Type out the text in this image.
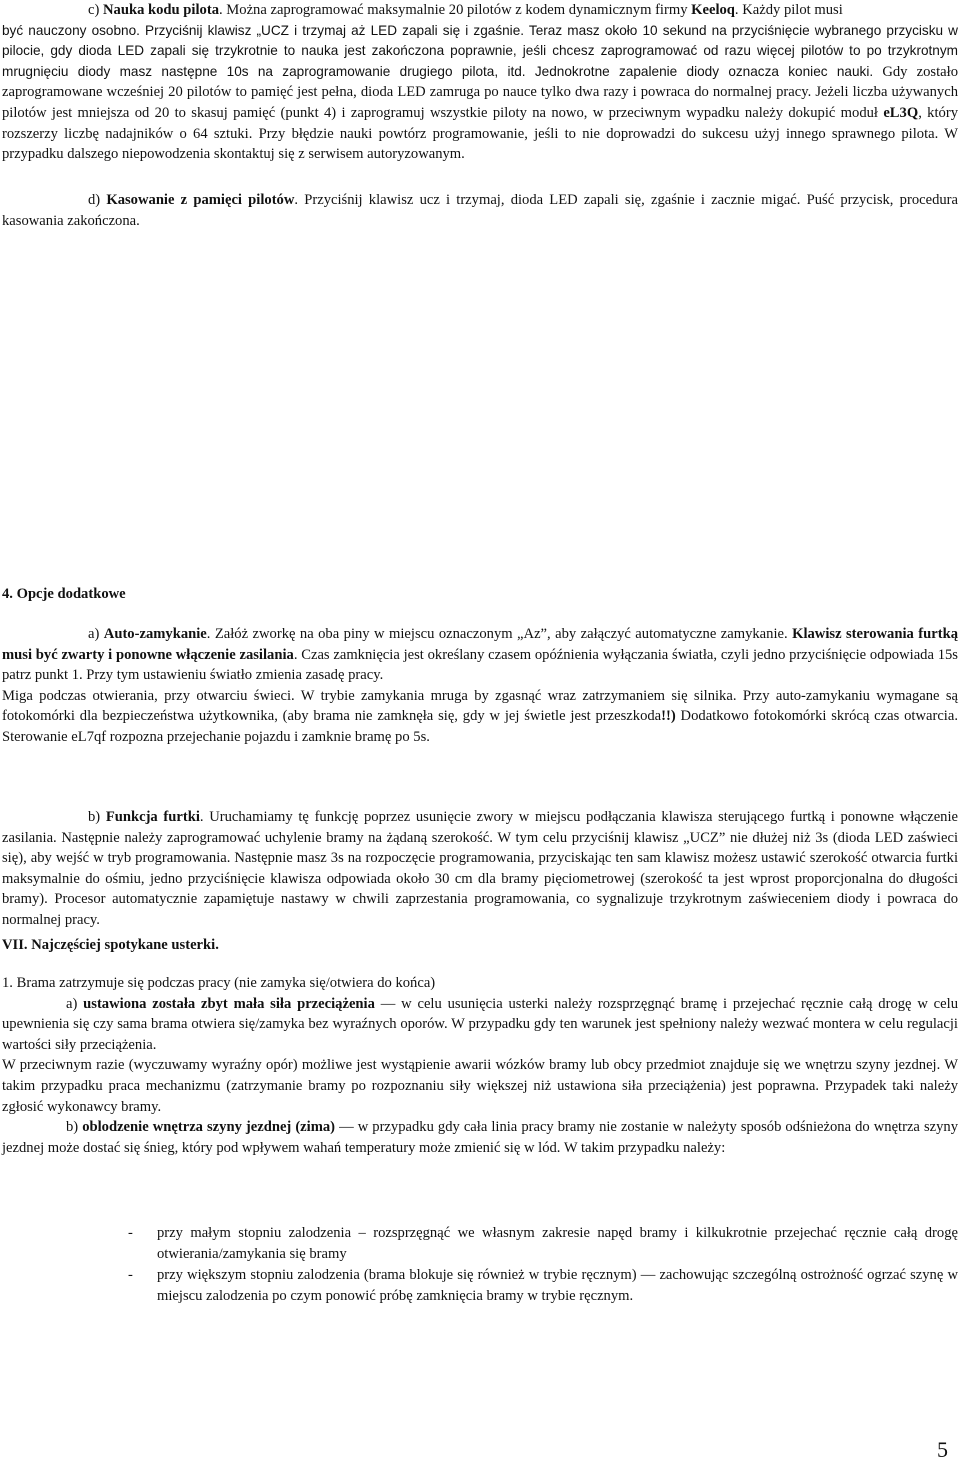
c) Nauka kodu pilota. Można zaprogramować maksymalnie 20 pilotów z kodem dynamicznym firmy Keeloq. Każdy pilot musi
być nauczony osobno. Przyciśnij klawisz „UCZ i trzymaj aż LED zapali się i zgaśnie. Teraz masz około 10 sekund na przyciśnięcie wybranego przycisku w pilocie, gdy dioda LED zapali się trzykrotnie to nauka jest zakończona poprawnie, jeśli chcesz zaprogramować od razu więcej pilotów to po trzykrotnym mrugnięciu diody masz następne 10s na zaprogramowanie drugiego pilota, itd. Jednokrotne zapalenie diody oznacza koniec nauki. Gdy zostało zaprogramowane wcześniej 20 pilotów to pamięć jest pełna, dioda LED zamruga po nauce tylko dwa razy i powraca do normalnej pracy. Jeżeli liczba używanych pilotów jest mniejsza od 20 to skasuj pamięć (punkt 4) i zaprogramuj wszystkie piloty na nowo, w przeciwnym wypadku należy dokupić moduł eL3Q, który rozszerzy liczbę nadajników o 64 sztuki. Przy błędzie nauki powtórz programowanie, jeśli to nie doprowadzi do sukcesu użyj innego sprawnego pilota. W przypadku dalszego niepowodzenia skontaktuj się z serwisem autoryzowanym.
d) Kasowanie z pamięci pilotów. Przyciśnij klawisz ucz i trzymaj, dioda LED zapali się, zgaśnie i zacznie migać. Puść przycisk, procedura kasowania zakończona.
4. Opcje dodatkowe
a) Auto-zamykanie. Załóż zworkę na oba piny w miejscu oznaczonym „Az”, aby załączyć automatyczne zamykanie. Klawisz sterowania furtką musi być zwarty i ponowne włączenie zasilania. Czas zamknięcia jest określany czasem opóźnienia wyłączania światła, czyli jedno przyciśnięcie odpowiada 15s patrz punkt 1. Przy tym ustawieniu światło zmienia zasadę pracy.
Miga podczas otwierania, przy otwarciu świeci. W trybie zamykania mruga by zgasnąć wraz zatrzymaniem się silnika. Przy auto-zamykaniu wymagane są fotokomórki dla bezpieczeństwa użytkownika, (aby brama nie zamknęła się, gdy w jej świetle jest przeszkoda!!) Dodatkowo fotokomórki skrócą czas otwarcia. Sterowanie eL7qf rozpozna przejechanie pojazdu i zamknie bramę po 5s.
b) Funkcja furtki. Uruchamiamy tę funkcję poprzez usunięcie zwory w miejscu podłączania klawisza sterującego furtką i ponowne włączenie zasilania. Następnie należy zaprogramować uchylenie bramy na żądaną szerokość. W tym celu przyciśnij klawisz „UCZ” nie dłużej niż 3s (dioda LED zaświeci się), aby wejść w tryb programowania. Następnie masz 3s na rozpoczęcie programowania, przyciskając ten sam klawisz możesz ustawić szerokość otwarcia furtki maksymalnie do ośmiu, jedno przyciśnięcie klawisza odpowiada około 30 cm dla bramy pięciometrowej (szerokość ta jest wprost proporcjonalna do długości bramy). Procesor automatycznie zapamiętuje nastawy w chwili zaprzestania programowania, co sygnalizuje trzykrotnym zaświeceniem diody i powraca do normalnej pracy.
VII. Najczęściej spotykane usterki.
1. Brama zatrzymuje się podczas pracy (nie zamyka się/otwiera do końca)
a) ustawiona została zbyt mała siła przeciążenia — w celu usunięcia usterki należy rozsprzęgnąć bramę i przejechać ręcznie całą drogę w celu upewnienia się czy sama brama otwiera się/zamyka bez wyraźnych oporów. W przypadku gdy ten warunek jest spełniony należy wezwać montera w celu regulacji wartości siły przeciążenia.
W przeciwnym razie (wyczuwamy wyraźny opór) możliwe jest wystąpienie awarii wózków bramy lub obcy przedmiot znajduje się we wnętrzu szyny jezdnej. W takim przypadku praca mechanizmu (zatrzymanie bramy po rozpoznaniu siły większej niż ustawiona siła przeciążenia) jest poprawna. Przypadek taki należy zgłosić wykonawcy bramy.
b) oblodzenie wnętrza szyny jezdnej (zima) — w przypadku gdy cała linia pracy bramy nie zostanie w należyty sposób odśnieżona do wnętrza szyny jezdnej może dostać się śnieg, który pod wpływem wahań temperatury może zmienić się w lód. W takim przypadku należy:
- przy małym stopniu zalodzenia – rozsprzęgnąć we własnym zakresie napęd bramy i kilkukrotnie przejechać ręcznie całą drogę otwierania/zamykania się bramy
- przy większym stopniu zalodzenia (brama blokuje się również w trybie ręcznym) — zachowując szczególną ostrożność ogrzać szynę w miejscu zalodzenia po czym ponowić próbę zamknięcia bramy w trybie ręcznym.
5
